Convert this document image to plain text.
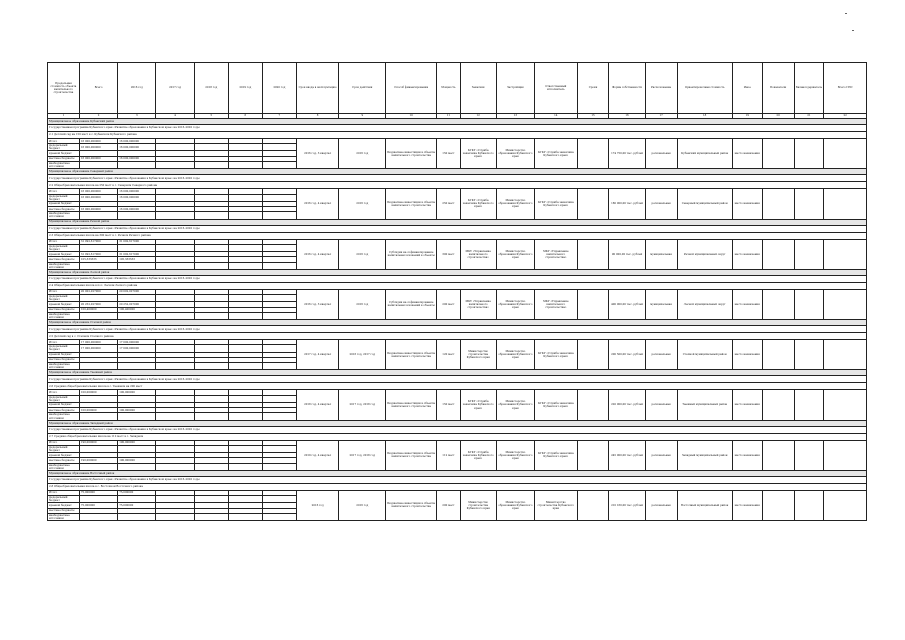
Предельная стоимость объекта капитального строительства	Всего	2016 год	2017 год	2018 год	2019 год	2020 год	Срок ввода в эксплуатацию	Срок действия	Способ финансирования	Мощность	Заказчик	Застройщик	Ответственный исполнитель	Сроки	Форма собственности	Расположение	Ориентировочная стоимость	Иное	Показатели	Балансодержатель	Всего ПЭС
1	2	3	4	5	6	7	8	9	10	11	12	13	14	15	16	17	18	19	20	21	22
Муниципальное образование Кубанский район																					
Государственная программа Кубанского края «Развитие образования в Кубанском крае» на 2016–2020 годы																					
2.1 Детский сад на 150 мест в с. Кубанском Кубанского района																					
Итого	16 000,000000	16 000,000000					2016 год, 3 квартал	2016 год	Бюджетные инвестиции в объекты капитального строительства	150 мест	КГКУ «Служба заказчика Кубанского края»	Министерство образования Кубанского края	КГКУ «Служба заказчика Кубанского края»		174 750,00 тыс. рублей	региональная	Кубанский муниципальный район	место назначения			
федеральный бюджет	16 000,000000	16 000,000000																			
краевой бюджет																					
местные бюджеты	16 000,000000	16 000,000000																			
внебюджетные источники																					
Муниципальное образование Северный район																					
Государственная программа Кубанского края «Развитие образования в Кубанском крае» на 2016–2020 годы																					
2.2 Общеобразовательная школа на 250 мест в с. Северном Северного района																					
Итого	16 000,000000	16 000,000000					2016 год, 4 квартал	2016 год	Бюджетные инвестиции в объекты капитального строительства	250 мест	КГКУ «Служба заказчика Кубанского края»	Министерство образования Кубанского края	КГКУ «Служба заказчика Кубанского края»		180 000,00 тыс. рублей	региональная	Северный муниципальный район	место назначения			
федеральный бюджет	16 000,000000	16 000,000000																			
краевой бюджет																					
местные бюджеты	16 000,000000	16 000,000000																			
внебюджетные источники																					
Муниципальное образование Речной район																					
Государственная программа Кубанского края «Развитие образования в Кубанском крае» на 2016–2020 годы																					
2.3 Общеобразовательная школа на 300 мест в с. Речном Речного района																					
Итого	31 092,617000	31 092,617000					2016 год, 4 квартал	2016 год	Субсидии на софинансирование капитальных вложений в объекты	300 мест	МКУ «Управление капитального строительства»	Министерство образования Кубанского края	МКУ «Управление капитального строительства»		90 000,00 тыс. рублей	муниципальная	Речной муниципальный округ	место назначения			
федеральный бюджет																					
краевой бюджет	31 092,617000	31 092,617000																			
местные бюджеты	105,333333	105,333333																			
внебюджетные источники																					
Муниципальное образование Лесной район																					
Государственная программа Кубанского края «Развитие образования в Кубанском крае» на 2016–2020 годы																					
2.4 Общеобразовательная школа в пос. Лесном Лесного района																					
Итого	20 002,027000	20 002,027000					2016 год, 3 квартал	2016 год	Субсидии на софинансирование капитальных вложений в объекты	200 мест	МКУ «Управление капитального строительства»	Министерство образования Кубанского края	МКУ «Управление капитального строительства»		400 000,00 тыс. рублей	муниципальная	Лесной муниципальный округ	место назначения			
федеральный бюджет																					
краевой бюджет	20 252,027000	20 252,027000																			
местные бюджеты	100,400000	100,400000																			
внебюджетные источники																					
Муниципальное образование Степной район																					
Государственная программа Кубанского края «Развитие образования в Кубанском крае» на 2016–2020 годы																					
2.5 Детский сад в с. Степном Степного района																					
Итого	17 000,000000	17 000,000000					2017 год, 4 квартал	2016 год, 2017 год	Бюджетные инвестиции в объекты капитального строительства	120 мест	Министерство строительства Кубанского края	Министерство образования Кубанского края	КГКУ «Служба заказчика Кубанского края»		200 500,00 тыс. рублей	региональная	Степной муниципальный район	место назначения			
федеральный бюджет	17 000,000000	17 000,000000																			
краевой бюджет																					
местные бюджеты																					
внебюджетные источники																					
Муниципальное образование Таежный район																					
Государственная программа Кубанского края «Развитие образования в Кубанском крае» на 2016–2020 годы																					
2.6 Средняя общеобразовательная школа в с. Таежном на 200 мест																					
Итого	100,000000	100,000000					2018 год, 4 квартал	2017 год, 2018 год	Бюджетные инвестиции в объекты капитального строительства	150 мест	КГКУ «Служба заказчика Кубанского края»	Министерство образования Кубанского края	КГКУ «Служба заказчика Кубанского края»		220 000,00 тыс. рублей	региональная	Таежный муниципальный район	место назначения			
федеральный бюджет																					
краевой бюджет																					
местные бюджеты	100,000000	100,000000																			
внебюджетные источники																					
Муниципальное образование Западный район																					
Государственная программа Кубанского края «Развитие образования в Кубанском крае» на 2016–2020 годы																					
2.7 Средняя общеобразовательная школа на 112 мест в с. Западном																					
Итого	190,000000	190,000000					2019 год, 4 квартал	2017 год, 2018 год	Бюджетные инвестиции в объекты капитального строительства	112 мест	КГКУ «Служба заказчика Кубанского края»	Министерство образования Кубанского края	КГКУ «Служба заказчика Кубанского края»		245 000,00 тыс. рублей	региональная	Западный муниципальный район	место назначения			
федеральный бюджет																					
краевой бюджет																					
местные бюджеты	190,000000	190,000000																			
внебюджетные источники																					
Муниципальное образование Восточный район																					
Государственная программа Кубанского края «Развитие образования в Кубанском крае» на 2016–2020 годы																					
2.8 Общеобразовательная школа в с. Восточном Восточного района																					
Итого	75,000000	75,000000					2016 год	2016 год	Бюджетные инвестиции в объекты капитального строительства	200 мест	Министерство строительства Кубанского края	Министерство образования Кубанского края	Министерство строительства Кубанского края		210 160,00 тыс. рублей	региональная	Восточный муниципальный район	место назначения			
федеральный бюджет																					
краевой бюджет	75,000000	75,000000																			
местные бюджеты																					
внебюджетные источники																					
